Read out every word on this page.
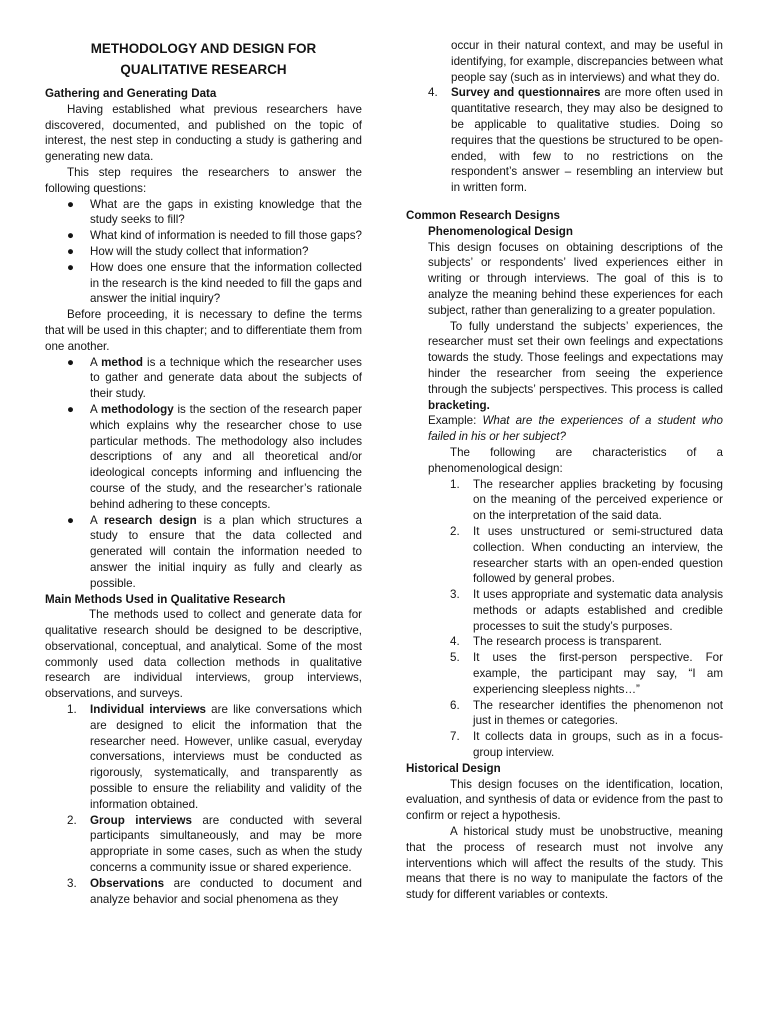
METHODOLOGY AND DESIGN FOR
QUALITATIVE RESEARCH
Gathering and Generating Data

Having established what previous researchers have discovered, documented, and published on the topic of interest, the nest step in conducting a study is gathering and generating new data.

This step requires the researchers to answer the following questions:

● What are the gaps in existing knowledge that the study seeks to fill?
● What kind of information is needed to fill those gaps?
● How will the study collect that information?
● How does one ensure that the information collected in the research is the kind needed to fill the gaps and answer the initial inquiry?

Before proceeding, it is necessary to define the terms that will be used in this chapter; and to differentiate them from one another.

● A method is a technique which the researcher uses to gather and generate data about the subjects of their study.
● A methodology is the section of the research paper which explains why the researcher chose to use particular methods. The methodology also includes descriptions of any and all theoretical and/or ideological concepts informing and influencing the course of the study, and the researcher’s rationale behind adhering to these concepts.
● A research design is a plan which structures a study to ensure that the data collected and generated will contain the information needed to answer the initial inquiry as fully and clearly as possible.
Main Methods Used in Qualitative Research

The methods used to collect and generate data for qualitative research should be designed to be descriptive, observational, conceptual, and analytical. Some of the most commonly used data collection methods in qualitative research are individual interviews, group interviews, observations, and surveys.

1. Individual interviews are like conversations which are designed to elicit the information that the researcher need. However, unlike casual, everyday conversations, interviews must be conducted as rigorously, systematically, and transparently as possible to ensure the reliability and validity of the information obtained.
2. Group interviews are conducted with several participants simultaneously, and may be more appropriate in some cases, such as when the study concerns a community issue or shared experience.
3. Observations are conducted to document and analyze behavior and social phenomena as they
occur in their natural context, and may be useful in identifying, for example, discrepancies between what people say (such as in interviews) and what they do.
4. Survey and questionnaires are more often used in quantitative research, they may also be designed to be applicable to qualitative studies. Doing so requires that the questions be structured to be open-ended, with few to no restrictions on the respondent’s answer – resembling an interview but in written form.
Common Research Designs
Phenomenological Design

This design focuses on obtaining descriptions of the subjects’ or respondents’ lived experiences either in writing or through interviews. The goal of this is to analyze the meaning behind these experiences for each subject, rather than generalizing to a greater population.

To fully understand the subjects’ experiences, the researcher must set their own feelings and expectations towards the study. Those feelings and expectations may hinder the researcher from seeing the experience through the subjects’ perspectives. This process is called bracketing.

Example: What are the experiences of a student who failed in his or her subject?

The following are characteristics of a phenomenological design:

1. The researcher applies bracketing by focusing on the meaning of the perceived experience or on the interpretation of the said data.
2. It uses unstructured or semi-structured data collection. When conducting an interview, the researcher starts with an open-ended question followed by general probes.
3. It uses appropriate and systematic data analysis methods or adapts established and credible processes to suit the study’s purposes.
4. The research process is transparent.
5. It uses the first-person perspective. For example, the participant may say, “I am experiencing sleepless nights…”
6. The researcher identifies the phenomenon not just in themes or categories.
7. It collects data in groups, such as in a focus-group interview.
Historical Design

This design focuses on the identification, location, evaluation, and synthesis of data or evidence from the past to confirm or reject a hypothesis.

A historical study must be unobstructive, meaning that the process of research must not involve any interventions which will affect the results of the study. This means that there is no way to manipulate the factors of the study for different variables or contexts.
